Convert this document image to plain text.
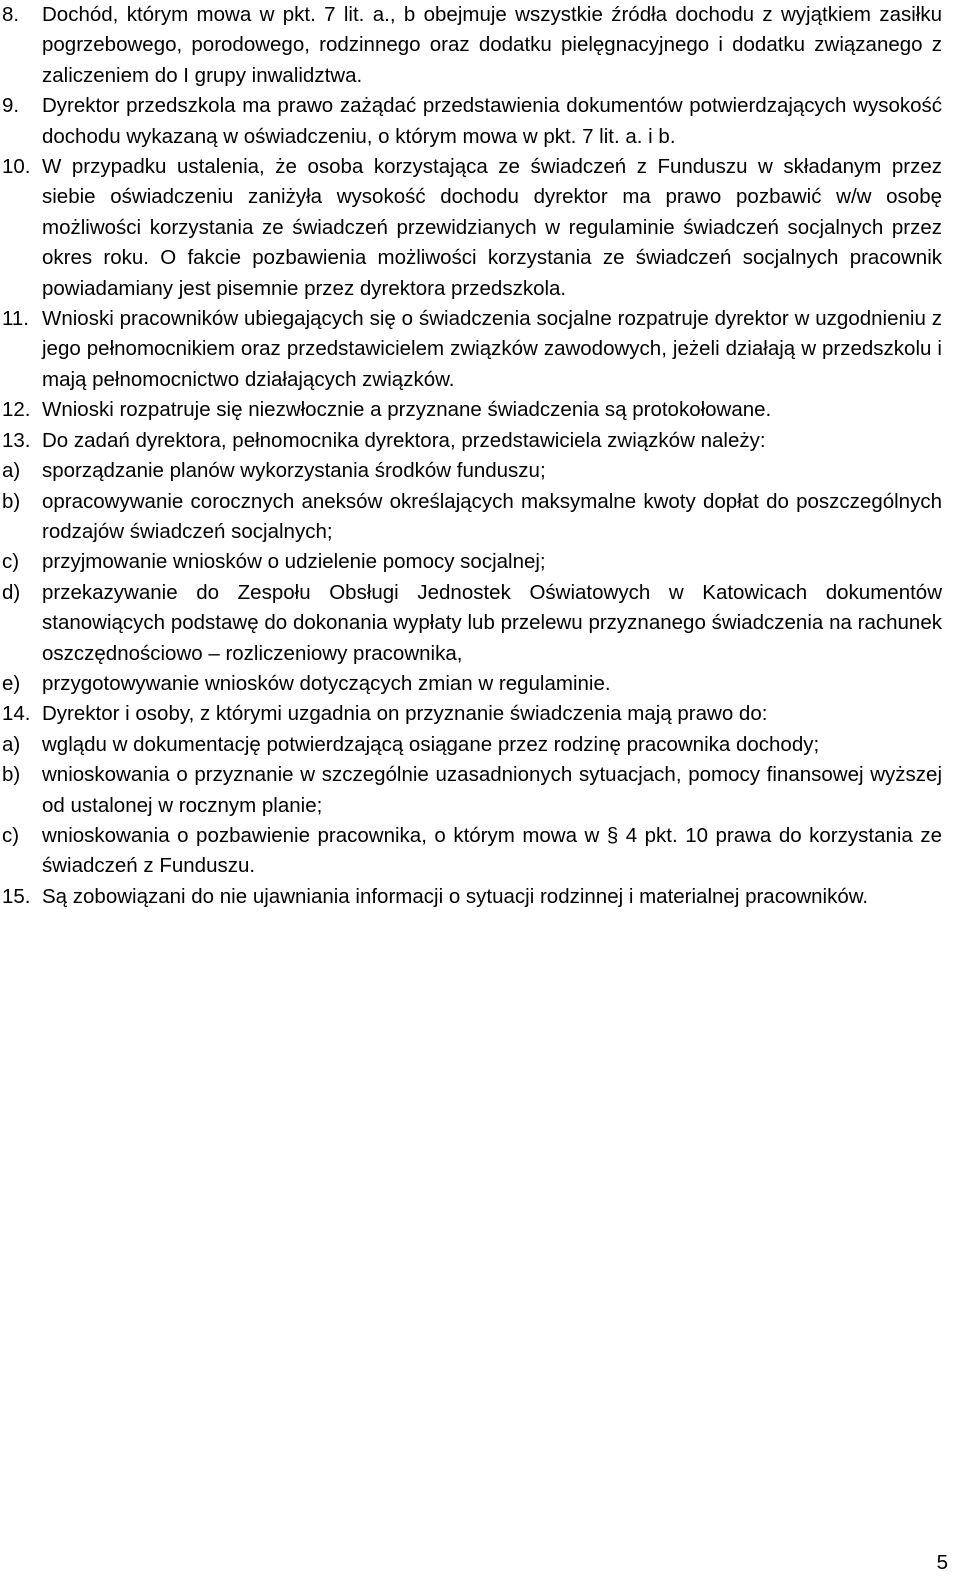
8.	Dochód, którym mowa w pkt. 7 lit. a., b obejmuje wszystkie źródła dochodu z wyjątkiem zasiłku pogrzebowego, porodowego, rodzinnego oraz dodatku pielęgnacyjnego i dodatku związanego z zaliczeniem do I grupy inwalidztwa.
9.	Dyrektor przedszkola ma prawo zażądać przedstawienia dokumentów potwierdzających wysokość dochodu wykazaną w oświadczeniu, o którym mowa w pkt. 7 lit. a. i b.
10. W przypadku ustalenia, że osoba korzystająca ze świadczeń z Funduszu w składanym przez siebie oświadczeniu zaniżyła wysokość dochodu dyrektor ma prawo pozbawić w/w osobę możliwości korzystania ze świadczeń przewidzianych w regulaminie świadczeń socjalnych przez okres roku. O fakcie pozbawienia możliwości korzystania ze świadczeń socjalnych pracownik powiadamiany jest pisemnie przez dyrektora przedszkola.
11. Wnioski pracowników ubiegających się o świadczenia socjalne rozpatruje dyrektor w uzgodnieniu z jego pełnomocnikiem oraz przedstawicielem związków zawodowych, jeżeli działają w przedszkolu i mają pełnomocnictwo działających związków.
12. Wnioski rozpatruje się niezwłocznie a przyznane świadczenia są protokołowane.
13. Do zadań dyrektora, pełnomocnika dyrektora, przedstawiciela związków należy:
a)	sporządzanie planów wykorzystania środków funduszu;
b)	opracowywanie corocznych aneksów określających maksymalne kwoty dopłat do poszczególnych rodzajów świadczeń socjalnych;
c)	przyjmowanie wniosków o udzielenie pomocy socjalnej;
d)	przekazywanie do Zespołu Obsługi Jednostek Oświatowych w Katowicach dokumentów stanowiących podstawę do dokonania wypłaty lub przelewu przyznanego świadczenia na rachunek oszczędnościowo – rozliczeniowy pracownika,
e)	przygotowywanie wniosków dotyczących zmian w regulaminie.
14. Dyrektor i osoby, z którymi uzgadnia on przyznanie świadczenia mają prawo do:
a)	wglądu w dokumentację potwierdzającą osiągane przez rodzinę pracownika dochody;
b)	wnioskowania o przyznanie w szczególnie uzasadnionych sytuacjach, pomocy finansowej wyższej od ustalonej w rocznym planie;
c)	wnioskowania o pozbawienie pracownika, o którym mowa w § 4 pkt. 10 prawa do korzystania ze świadczeń z Funduszu.
15. Są zobowiązani do nie ujawniania informacji o sytuacji rodzinnej i materialnej pracowników.
5
